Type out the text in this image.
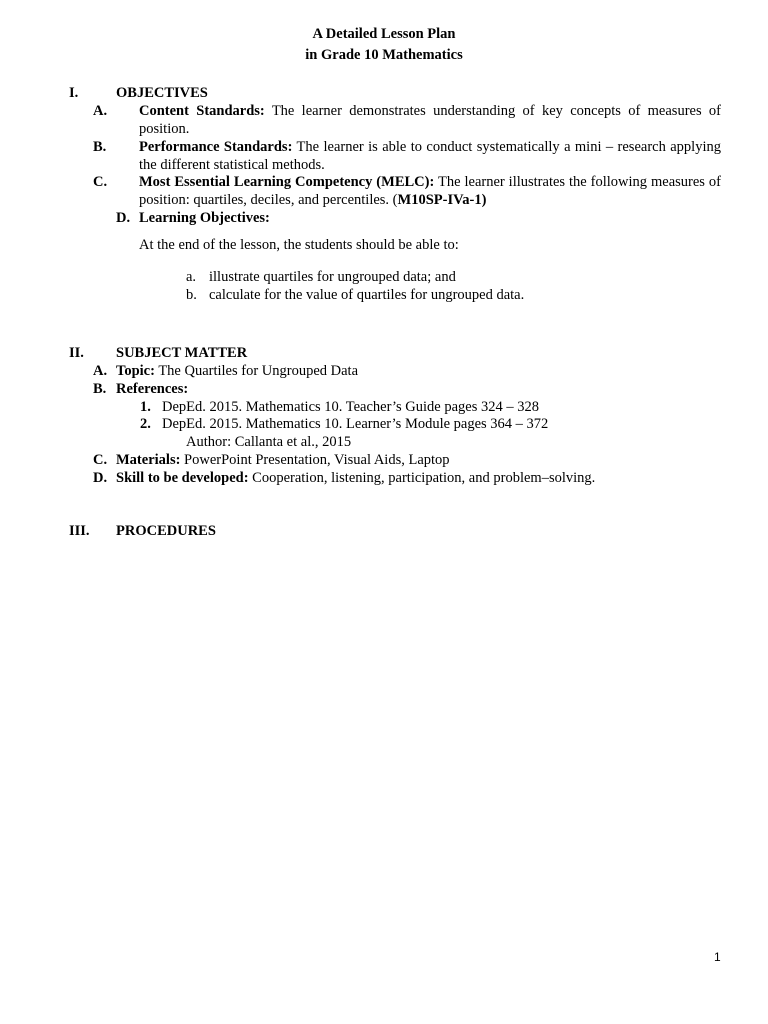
A Detailed Lesson Plan
in Grade 10 Mathematics
I.	OBJECTIVES
A. Content Standards: The learner demonstrates understanding of key concepts of measures of position.
B. Performance Standards: The learner is able to conduct systematically a mini – research applying the different statistical methods.
C. Most Essential Learning Competency (MELC): The learner illustrates the following measures of position: quartiles, deciles, and percentiles. (M10SP-IVa-1)
D. Learning Objectives:
At the end of the lesson, the students should be able to:
a. illustrate quartiles for ungrouped data; and
b. calculate for the value of quartiles for ungrouped data.
II. SUBJECT MATTER
A. Topic: The Quartiles for Ungrouped Data
B. References:
1. DepEd. 2015. Mathematics 10. Teacher’s Guide pages 324 – 328
2. DepEd. 2015. Mathematics 10. Learner’s Module pages 364 – 372
Author: Callanta et al., 2015
C. Materials: PowerPoint Presentation, Visual Aids, Laptop
D. Skill to be developed: Cooperation, listening, participation, and problem–solving.
III. PROCEDURES
1
